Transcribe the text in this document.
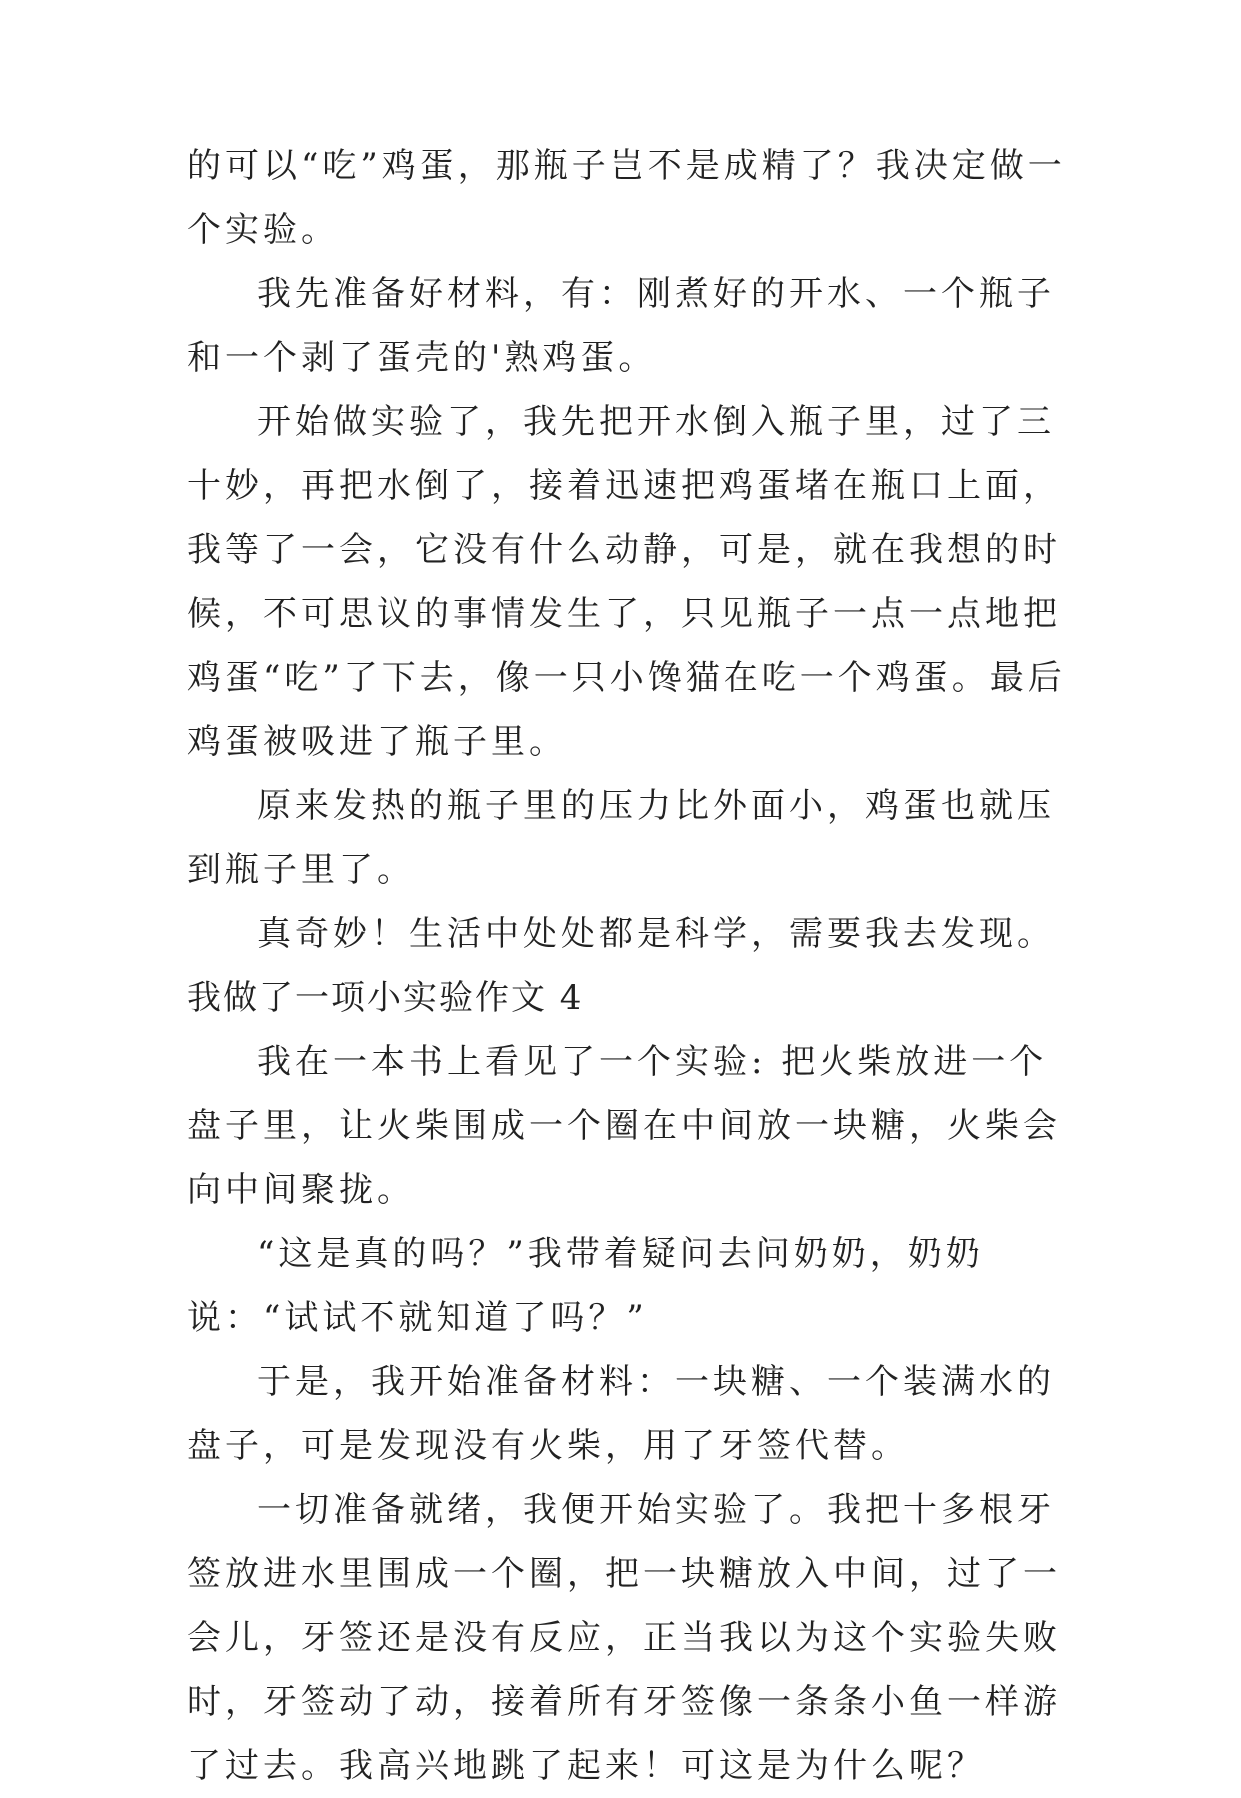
的可以“吃”鸡蛋，那瓶子岂不是成精了？我决定做一个实验。

我先准备好材料，有：刚煮好的开水、一个瓶子和一个剥了蛋壳的'熟鸡蛋。

开始做实验了，我先把开水倒入瓶子里，过了三十妙，再把水倒了，接着迅速把鸡蛋堵在瓶口上面，我等了一会，它没有什么动静，可是，就在我想的时候，不可思议的事情发生了，只见瓶子一点一点地把鸡蛋“吃”了下去，像一只小馋猫在吃一个鸡蛋。最后鸡蛋被吸进了瓶子里。

原来发热的瓶子里的压力比外面小，鸡蛋也就压到瓶子里了。

真奇妙！生活中处处都是科学，需要我去发现。

我做了一项小实验作文 4

我在一本书上看见了一个实验: 把火柴放进一个盘子里，让火柴围成一个圈在中间放一块糖，火柴会向中间聚拢。

“这是真的吗？”我带着疑问去问奶奶，奶奶说：“试试不就知道了吗？”

于是，我开始准备材料：一块糖、一个装满水的盘子，可是发现没有火柴，用了牙签代替。

一切准备就绪，我便开始实验了。我把十多根牙签放进水里围成一个圈，把一块糖放入中间，过了一会儿，牙签还是没有反应，正当我以为这个实验失败时，牙签动了动，接着所有牙签像一条条小鱼一样游了过去。我高兴地跳了起来！可这是为什么呢？
